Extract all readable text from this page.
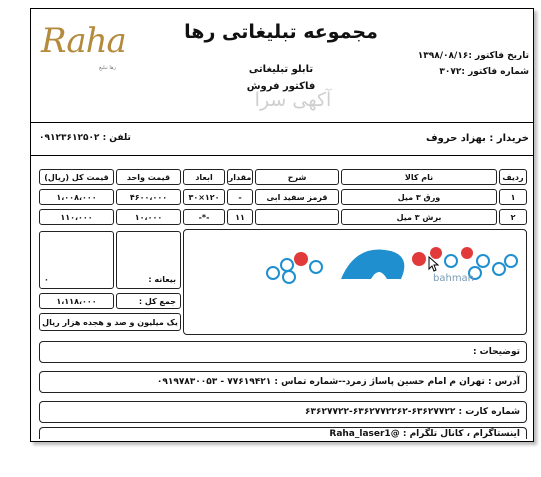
Raha
رها تبلیغ
مجموعه تبلیغاتی رها
تابلو تبلیغاتی
فاکتور فروش
آکهی سرا
تاریخ فاکتور :۱۳۹۸/۰۸/۱۶
شماره فاکتور :۳۰۷۲
خریدار : بهزاد حروف
تلفن : ۰۹۱۲۳۶۱۲۵۰۲
ردیف
نام کالا
شرح
مقدار
ابعاد
قیمت واحد
قیمت کل (ریال)
۱
ورق ۳ میل
قرمز سفید ابی
-
۱۲۰×۳۰
۴۶۰۰،۰۰۰
۱،۰۰۸،۰۰۰
۲
برش ۳ میل
۱۱
-*-
۱۰،۰۰۰
۱۱۰،۰۰۰
بیعانه :
۰
جمع کل :
۱،۱۱۸،۰۰۰
یک میلیون و صد و هجده هزار ریال
bahman
توضیحات :
آدرس : تهران م امام حسین پاساژ زمرد--شماره تماس : ۷۷۶۱۹۴۲۱ - ۰۹۱۹۷۸۳۰۰۵۳
شماره کارت : ۶۳۶۲۷۷۲۲-۶۳۶۲۷۷۲۲۶۲-۶۳۶۲۷۷۲۲
اینستاگرام ، کانال تلگرام : @Raha_laser1
